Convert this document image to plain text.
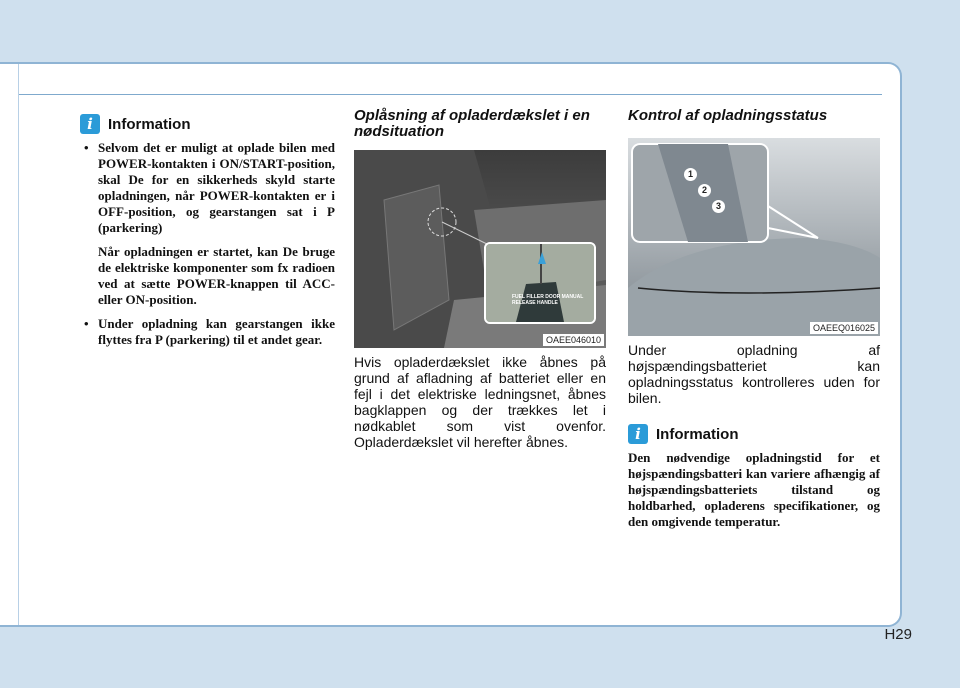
i	Information

• Selvom det er muligt at oplade bilen med POWER-kontakten i ON/START-position, skal De for en sikkerheds skyld starte opladningen, når POWER-kontakten er i OFF-position, og gearstangen sat i P (parkering)

Når opladningen er startet, kan De bruge de elektriske komponenter som fx radioen ved at sætte POWER-knappen til ACC- eller ON-position.

• Under opladning kan gearstangen ikke flyttes fra P (parkering) til et andet gear.

Oplåsning af opladerdækslet i en nødsituation
FUEL FILLER DOOR MANUAL
RELEASE HANDLE
OAEE046010
Hvis opladerdækslet ikke åbnes på grund af afladning af batteriet eller en fejl i det elektriske ledningsnet, åbnes bagklappen og der trækkes let i nødkablet som vist ovenfor. Opladerdækslet vil herefter åbnes.
Kontrol af opladningsstatus
1
2
3
OAEEQ016025
Under opladning af højspændingsbatteriet kan opladningsstatus kontrolleres uden for bilen.
i	Information
Den nødvendige opladningstid for et højspændingsbatteri kan variere afhængig af højspændingsbatteriets tilstand og holdbarhed, opladerens specifikationer, og den omgivende temperatur.
H29
